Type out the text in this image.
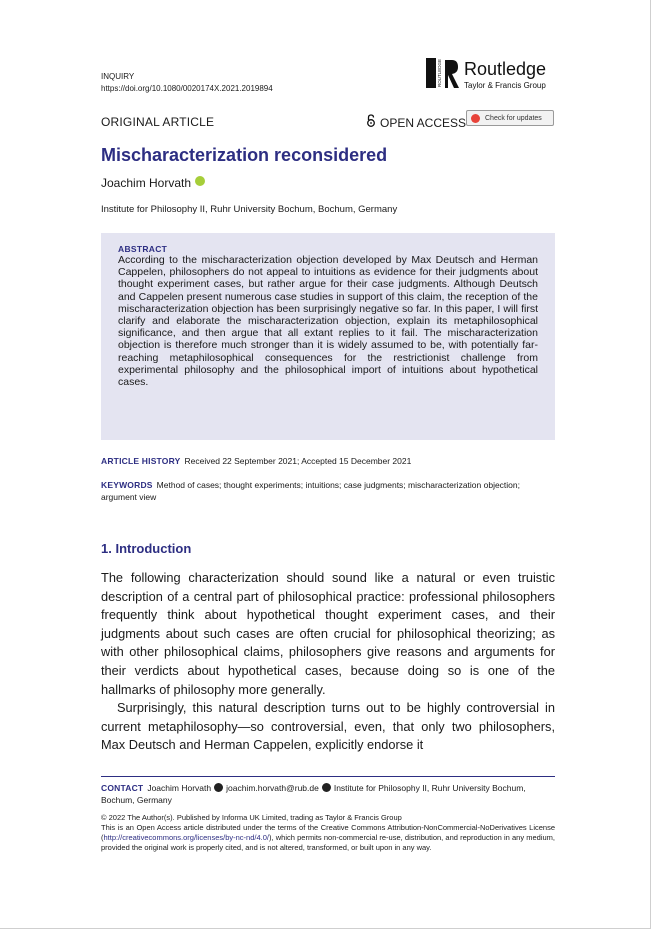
INQUIRY
https://doi.org/10.1080/0020174X.2021.2019894
ROUTLEDGE Routledge
Taylor & Francis Group
ORIGINAL ARTICLE	OPEN ACCESS	Check for updates
Mischaracterization reconsidered
Joachim Horvath
Institute for Philosophy II, Ruhr University Bochum, Bochum, Germany
ABSTRACT
According to the mischaracterization objection developed by Max Deutsch and Herman Cappelen, philosophers do not appeal to intuitions as evidence for their judgments about thought experiment cases, but rather argue for their case judgments. Although Deutsch and Cappelen present numerous case studies in support of this claim, the reception of the mischaracterization objection has been surprisingly negative so far. In this paper, I will first clarify and elaborate the mischaracterization objection, explain its metaphilosophical significance, and then argue that all extant replies to it fail. The mischaracterization objection is therefore much stronger than it is widely assumed to be, with potentially far-reaching metaphilosophical consequences for the restrictionist challenge from experimental philosophy and the philosophical import of intuitions about hypothetical cases.
ARTICLE HISTORY Received 22 September 2021; Accepted 15 December 2021
KEYWORDS Method of cases; thought experiments; intuitions; case judgments; mischaracterization objection; argument view
1. Introduction

The following characterization should sound like a natural or even truistic description of a central part of philosophical practice: professional philosophers frequently think about hypothetical thought experiment cases, and their judgments about such cases are often crucial for philosophical theorizing; as with other philosophical claims, philosophers give reasons and arguments for their verdicts about hypothetical cases, because doing so is one of the hallmarks of philosophy more generally.

Surprisingly, this natural description turns out to be highly controversial in current metaphilosophy—so controversial, even, that only two philosophers, Max Deutsch and Herman Cappelen, explicitly endorse it

CONTACT Joachim Horvath joachim.horvath@rub.de Institute for Philosophy II, Ruhr University Bochum, Bochum, Germany
© 2022 The Author(s). Published by Informa UK Limited, trading as Taylor & Francis Group
This is an Open Access article distributed under the terms of the Creative Commons Attribution-NonCommercial-NoDerivatives License (http://creativecommons.org/licenses/by-nc-nd/4.0/), which permits non-commercial re-use, distribution, and reproduction in any medium, provided the original work is properly cited, and is not altered, transformed, or built upon in any way.
